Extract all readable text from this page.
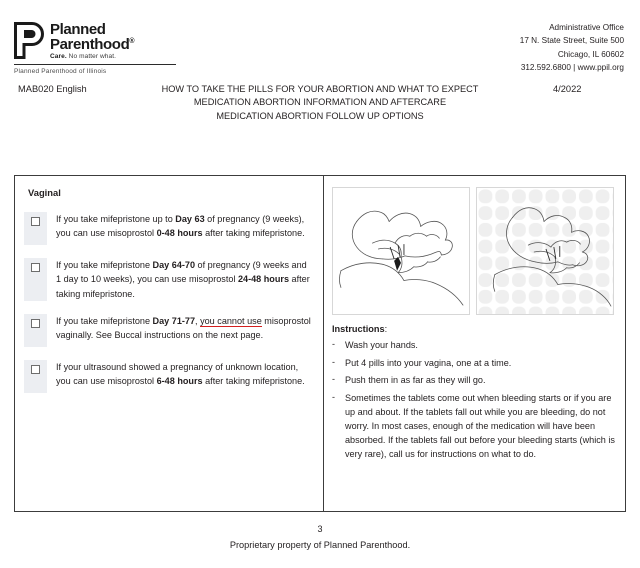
Planned
Parenthood®
Care. No matter what.
Planned Parenthood of Illinois
Administrative Office
17 N. State Street, Suite 500
Chicago, IL 60602
312.592.6800 | www.ppil.org
MAB020 English	4/2022
HOW TO TAKE THE PILLS FOR YOUR ABORTION AND WHAT TO EXPECT
MEDICATION ABORTION INFORMATION AND AFTERCARE
MEDICATION ABORTION FOLLOW UP OPTIONS
Vaginal
If you take mifepristone up to Day 63 of pregnancy (9 weeks), you can use misoprostol 0-48 hours after taking mifepristone.
If you take mifepristone Day 64-70 of pregnancy (9 weeks and 1 day to 10 weeks), you can use misoprostol 24-48 hours after taking mifepristone.
If you take mifepristone Day 71-77, you cannot use misoprostol vaginally. See Buccal instructions on the next page.
If your ultrasound showed a pregnancy of unknown location, you can use misoprostol 6-48 hours after taking mifepristone.
Instructions:
-	Wash your hands.
-	Put 4 pills into your vagina, one at a time.
-	Push them in as far as they will go.
-	Sometimes the tablets come out when bleeding starts or if you are up and about. If the tablets fall out while you are bleeding, do not worry. In most cases, enough of the medication will have been absorbed. If the tablets fall out before your bleeding starts (which is very rare), call us for instructions on what to do.
3
Proprietary property of Planned Parenthood.
